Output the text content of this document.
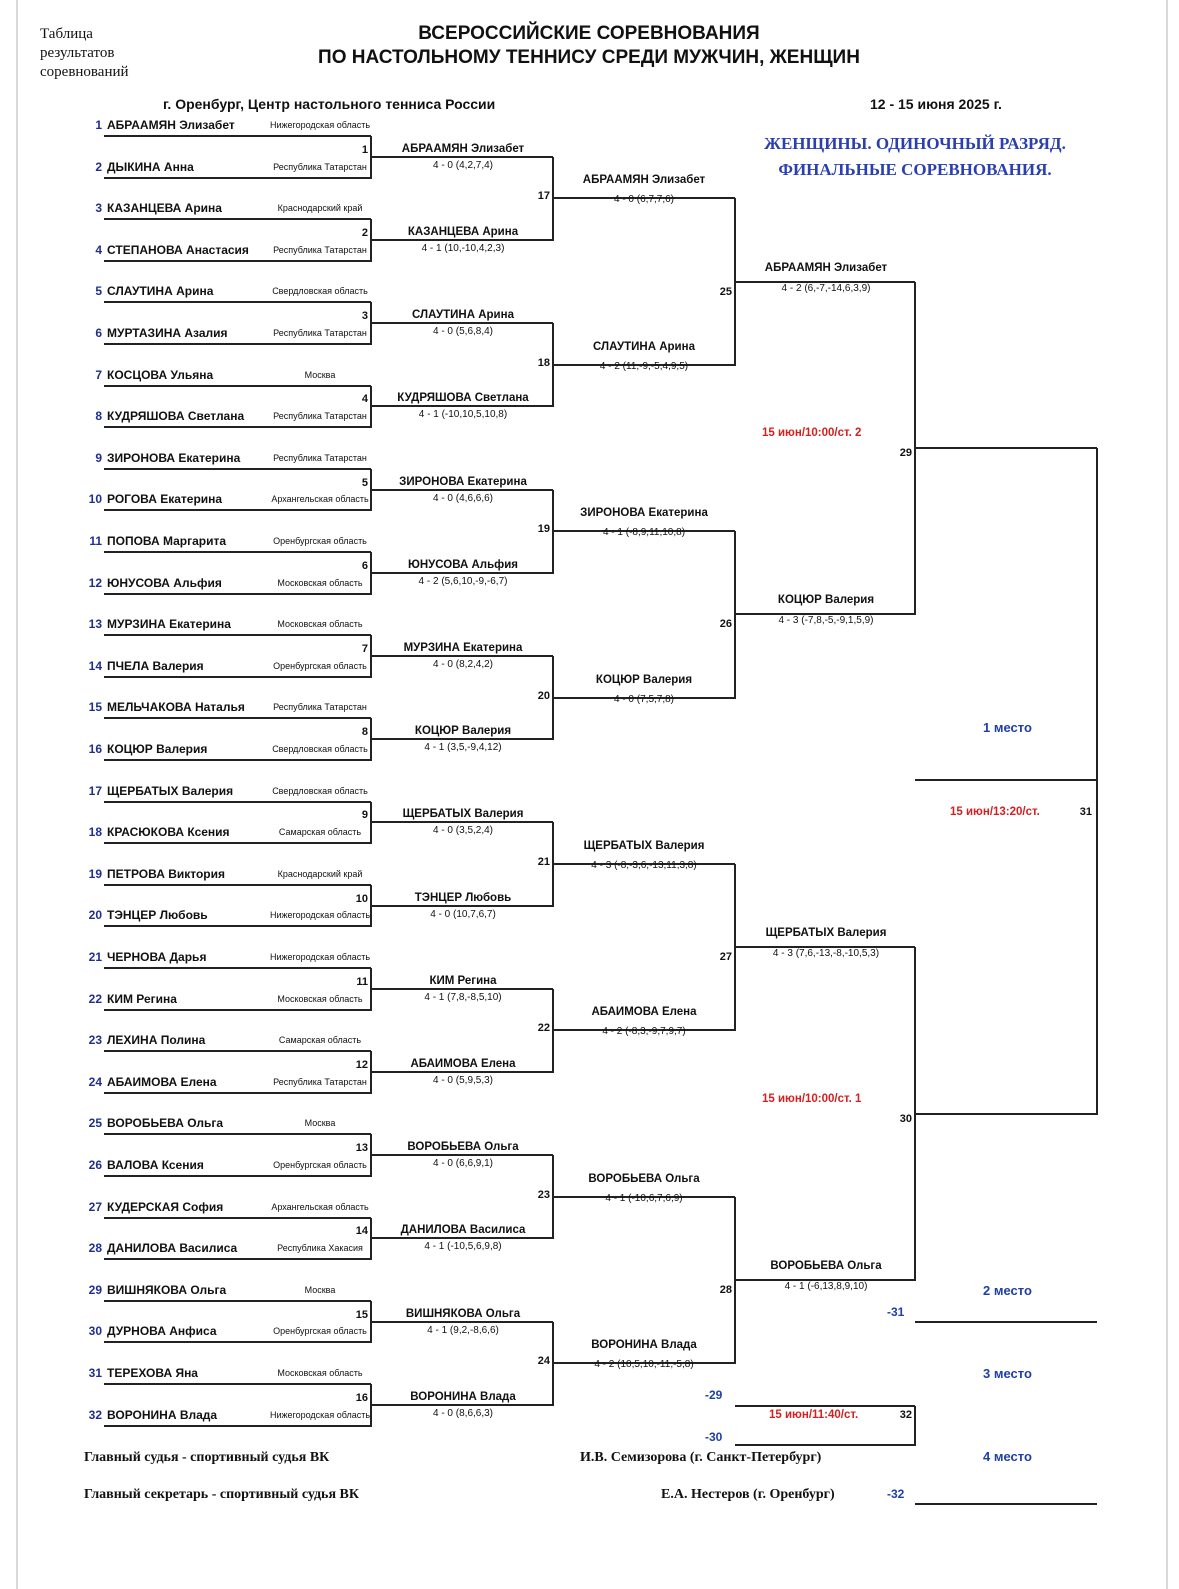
Таблица
результатов
соревнований
ВСЕРОССИЙСКИЕ СОРЕВНОВАНИЯ
ПО НАСТОЛЬНОМУ ТЕННИСУ СРЕДИ МУЖЧИН, ЖЕНЩИН
г. Оренбург, Центр настольного тенниса России	12 - 15 июня 2025 г.
ЖЕНЩИНЫ. ОДИНОЧНЫЙ РАЗРЯД.
ФИНАЛЬНЫЕ СОРЕВНОВАНИЯ.
1 АБРААМЯН Элизабет	Нижегородская область
2 ДЫКИНА Анна	Республика Татарстан
3 КАЗАНЦЕВА Арина	Краснодарский край
4 СТЕПАНОВА Анастасия	Республика Татарстан
5 СЛАУТИНА Арина	Свердловская область
6 МУРТАЗИНА Азалия	Республика Татарстан
7 КОСЦОВА Ульяна	Москва
8 КУДРЯШОВА Светлана	Республика Татарстан
9 ЗИРОНОВА Екатерина	Республика Татарстан
10 РОГОВА Екатерина	Архангельская область
11 ПОПОВА Маргарита	Оренбургская область
12 ЮНУСОВА Альфия	Московская область
13 МУРЗИНА Екатерина	Московская область
14 ПЧЕЛА Валерия	Оренбургская область
15 МЕЛЬЧАКОВА Наталья	Республика Татарстан
16 КОЦЮР Валерия	Свердловская область
17 ЩЕРБАТЫХ Валерия	Свердловская область
18 КРАСЮКОВА Ксения	Самарская область
19 ПЕТРОВА Виктория	Краснодарский край
20 ТЭНЦЕР Любовь	Нижегородская область
21 ЧЕРНОВА Дарья	Нижегородская область
22 КИМ Регина	Московская область
23 ЛЕХИНА Полина	Самарская область
24 АБАИМОВА Елена	Республика Татарстан
25 ВОРОБЬЕВА Ольга	Москва
26 ВАЛОВА Ксения	Оренбургская область
27 КУДЕРСКАЯ София	Архангельская область
28 ДАНИЛОВА Василиса	Республика Хакасия
29 ВИШНЯКОВА Ольга	Москва
30 ДУРНОВА Анфиса	Оренбургская область
31 ТЕРЕХОВА Яна	Московская область
32 ВОРОНИНА Влада	Нижегородская область
1	АБРААМЯН Элизабет
4 - 0 (4,2,7,4)
2	КАЗАНЦЕВА Арина
4 - 1 (10,-10,4,2,3)
3	СЛАУТИНА Арина
4 - 0 (5,6,8,4)
4	КУДРЯШОВА Светлана
4 - 1 (-10,10,5,10,8)
5	ЗИРОНОВА Екатерина
4 - 0 (4,6,6,6)
6	ЮНУСОВА Альфия
4 - 2 (5,6,10,-9,-6,7)
7	МУРЗИНА Екатерина
4 - 0 (8,2,4,2)
8	КОЦЮР Валерия
4 - 1 (3,5,-9,4,12)
9	ЩЕРБАТЫХ Валерия
4 - 0 (3,5,2,4)
10	ТЭНЦЕР Любовь
4 - 0 (10,7,6,7)
11	КИМ Регина
4 - 1 (7,8,-8,5,10)
12	АБАИМОВА Елена
4 - 0 (5,9,5,3)
13	ВОРОБЬЕВА Ольга
4 - 0 (6,6,9,1)
14	ДАНИЛОВА Василиса
4 - 1 (-10,5,6,9,8)
15	ВИШНЯКОВА Ольга
4 - 1 (9,2,-8,6,6)
16	ВОРОНИНА Влада
4 - 0 (8,6,6,3)
17
АБРААМЯН Элизабет
4 - 0 (6,7,7,6)
18
СЛАУТИНА Арина
4 - 2 (11,-9,-5,4,9,5)
19
ЗИРОНОВА Екатерина
4 - 1 (-8,9,11,10,8)
20
КОЦЮР Валерия
4 - 0 (7,5,7,8)
21
ЩЕРБАТЫХ Валерия
4 - 3 (-8,-3,6,-13,11,3,8)
22
АБАИМОВА Елена
4 - 2 (-8,3,-9,7,9,7)
23
ВОРОБЬЕВА Ольга
4 - 1 (-10,6,7,6,9)
24
ВОРОНИНА Влада
4 - 2 (10,5,10,-11,-5,8)
25
АБРААМЯН Элизабет
4 - 2 (6,-7,-14,6,3,9)
26
КОЦЮР Валерия
4 - 3 (-7,8,-5,-9,1,5,9)
27
ЩЕРБАТЫХ Валерия
4 - 3 (7,6,-13,-8,-10,5,3)
28
ВОРОБЬЕВА Ольга
4 - 1 (-6,13,8,9,10)
29
15 июн/10:00/ст. 2
30
15 июн/10:00/ст. 1
1 место
2 место
-31
3 место
4 место
-32
15 июн/13:20/ст.	31
-29
-30
15 июн/11:40/ст.	32
Главный судья - спортивный судья ВК	И.В. Семизорова (г. Санкт-Петербург)
Главный секретарь - спортивный судья ВК	Е.А. Нестеров (г. Оренбург)
